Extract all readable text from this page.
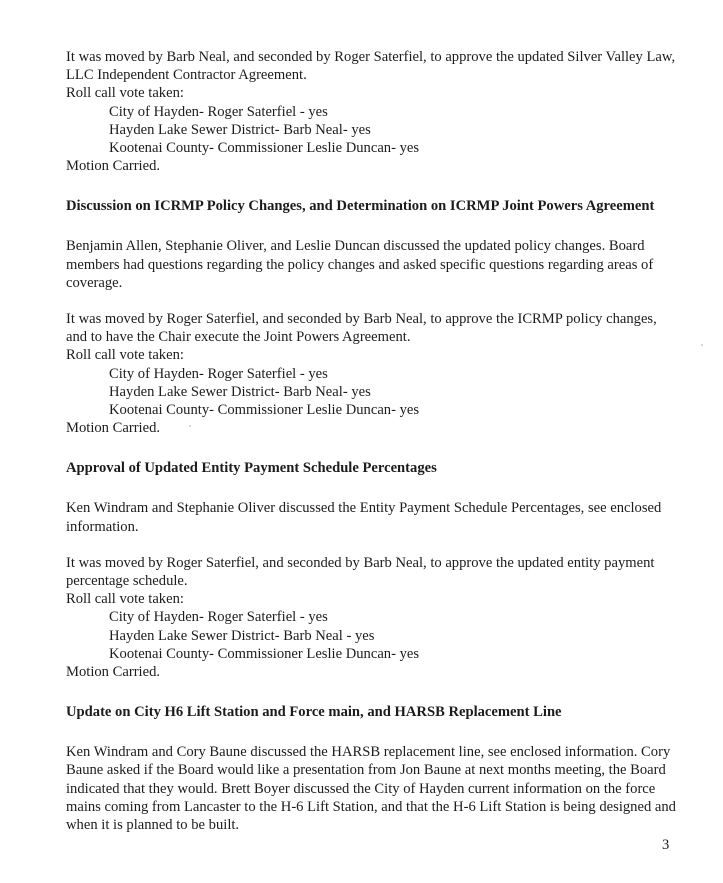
It was moved by Barb Neal, and seconded by Roger Saterfiel, to approve the updated Silver Valley Law, LLC Independent Contractor Agreement.

Roll call vote taken:

City of Hayden- Roger Saterfiel - yes

Hayden Lake Sewer District- Barb Neal- yes

Kootenai County- Commissioner Leslie Duncan- yes

Motion Carried.

Discussion on ICRMP Policy Changes, and Determination on ICRMP Joint Powers Agreement

Benjamin Allen, Stephanie Oliver, and Leslie Duncan discussed the updated policy changes. Board members had questions regarding the policy changes and asked specific questions regarding areas of coverage.

It was moved by Roger Saterfiel, and seconded by Barb Neal, to approve the ICRMP policy changes, and to have the Chair execute the Joint Powers Agreement.

Roll call vote taken:

City of Hayden- Roger Saterfiel - yes

Hayden Lake Sewer District- Barb Neal- yes

Kootenai County- Commissioner Leslie Duncan- yes

Motion Carried.

Approval of Updated Entity Payment Schedule Percentages

Ken Windram and Stephanie Oliver discussed the Entity Payment Schedule Percentages, see enclosed information.

It was moved by Roger Saterfiel, and seconded by Barb Neal, to approve the updated entity payment percentage schedule.

Roll call vote taken:

City of Hayden- Roger Saterfiel - yes

Hayden Lake Sewer District- Barb Neal - yes

Kootenai County- Commissioner Leslie Duncan- yes

Motion Carried.

Update on City H6 Lift Station and Force main, and HARSB Replacement Line

Ken Windram and Cory Baune discussed the HARSB replacement line, see enclosed information. Cory Baune asked if the Board would like a presentation from Jon Baune at next months meeting, the Board indicated that they would. Brett Boyer discussed the City of Hayden current information on the force mains coming from Lancaster to the H-6 Lift Station, and that the H-6 Lift Station is being designed and when it is planned to be built.

3
